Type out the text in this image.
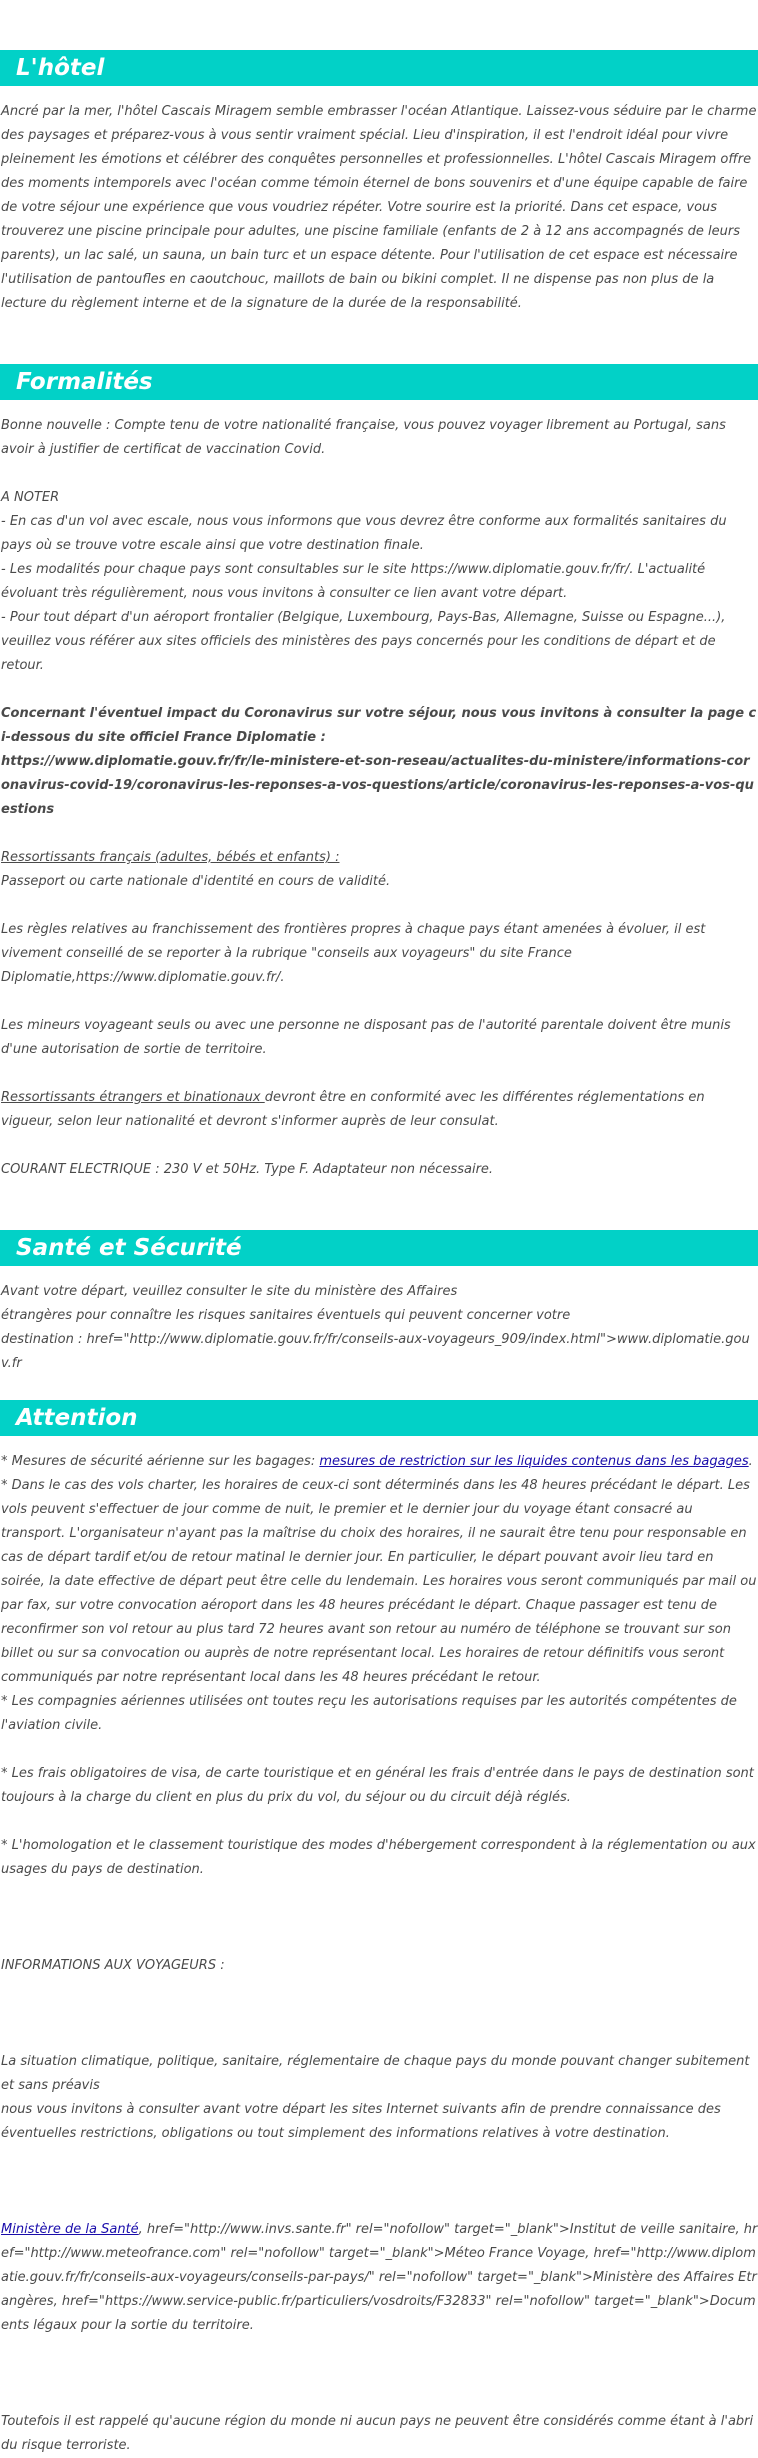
L'hôtel

Ancré par la mer, l'hôtel Cascais Miragem semble embrasser l'océan Atlantique. Laissez-vous séduire par le charme des paysages et préparez-vous à vous sentir vraiment spécial. Lieu d'inspiration, il est l'endroit idéal pour vivre pleinement les émotions et célébrer des conquêtes personnelles et professionnelles. L'hôtel Cascais Miragem offre des moments intemporels avec l'océan comme témoin éternel de bons souvenirs et d'une équipe capable de faire de votre séjour une expérience que vous voudriez répéter. Votre sourire est la priorité. Dans cet espace, vous trouverez une piscine principale pour adultes, une piscine familiale (enfants de 2 à 12 ans accompagnés de leurs parents), un lac salé, un sauna, un bain turc et un espace détente. Pour l'utilisation de cet espace est nécessaire l'utilisation de pantoufles en caoutchouc, maillots de bain ou bikini complet. Il ne dispense pas non plus de la lecture du règlement interne et de la signature de la durée de la responsabilité.

Formalités

Bonne nouvelle : Compte tenu de votre nationalité française, vous pouvez voyager librement au Portugal, sans avoir à justifier de certificat de vaccination Covid.

A NOTER
- En cas d'un vol avec escale, nous vous informons que vous devrez être conforme aux formalités sanitaires du pays où se trouve votre escale ainsi que votre destination finale.
- Les modalités pour chaque pays sont consultables sur le site https://www.diplomatie.gouv.fr/fr/. L'actualité évoluant très régulièrement, nous vous invitons à consulter ce lien avant votre départ.
- Pour tout départ d'un aéroport frontalier (Belgique, Luxembourg, Pays-Bas, Allemagne, Suisse ou Espagne...), veuillez vous référer aux sites officiels des ministères des pays concernés pour les conditions de départ et de retour.

Concernant l'éventuel impact du Coronavirus sur votre séjour, nous vous invitons à consulter la page ci-dessous du site officiel France Diplomatie :
https://www.diplomatie.gouv.fr/fr/le-ministere-et-son-reseau/actualites-du-ministere/informations-coronavirus-covid-19/coronavirus-les-reponses-a-vos-questions/article/coronavirus-les-reponses-a-vos-questions

Ressortissants français (adultes, bébés et enfants) :

Passeport ou carte nationale d'identité en cours de validité.

Les règles relatives au franchissement des frontières propres à chaque pays étant amenées à évoluer, il est vivement conseillé de se reporter à la rubrique "conseils aux voyageurs" du site France Diplomatie,https://www.diplomatie.gouv.fr/.

Les mineurs voyageant seuls ou avec une personne ne disposant pas de l'autorité parentale doivent être munis d'une autorisation de sortie de territoire.

Ressortissants étrangers et binationaux devront être en conformité avec les différentes réglementations en vigueur, selon leur nationalité et devront s'informer auprès de leur consulat.

COURANT ELECTRIQUE : 230 V et 50Hz. Type F. Adaptateur non nécessaire.

Santé et Sécurité

Avant votre départ, veuillez consulter le site du ministère des Affaires
étrangères pour connaître les risques sanitaires éventuels qui peuvent concerner votre
destination : href="http://www.diplomatie.gouv.fr/fr/conseils-aux-voyageurs_909/index.html">www.diplomatie.gouv.fr

Attention

* Mesures de sécurité aérienne sur les bagages: mesures de restriction sur les liquides contenus dans les bagages.

* Dans le cas des vols charter, les horaires de ceux-ci sont déterminés dans les 48 heures précédant le départ. Les vols peuvent s'effectuer de jour comme de nuit, le premier et le dernier jour du voyage étant consacré au transport. L'organisateur n'ayant pas la maîtrise du choix des horaires, il ne saurait être tenu pour responsable en cas de départ tardif et/ou de retour matinal le dernier jour. En particulier, le départ pouvant avoir lieu tard en soirée, la date effective de départ peut être celle du lendemain. Les horaires vous seront communiqués par mail ou par fax, sur votre convocation aéroport dans les 48 heures précédant le départ. Chaque passager est tenu de reconfirmer son vol retour au plus tard 72 heures avant son retour au numéro de téléphone se trouvant sur son billet ou sur sa convocation ou auprès de notre représentant local. Les horaires de retour définitifs vous seront communiqués par notre représentant local dans les 48 heures précédant le retour.

* Les compagnies aériennes utilisées ont toutes reçu les autorisations requises par les autorités compétentes de l'aviation civile.

* Les frais obligatoires de visa, de carte touristique et en général les frais d'entrée dans le pays de destination sont toujours à la charge du client en plus du prix du vol, du séjour ou du circuit déjà réglés.

* L'homologation et le classement touristique des modes d'hébergement correspondent à la réglementation ou aux usages du pays de destination.

INFORMATIONS AUX VOYAGEURS :

La situation climatique, politique, sanitaire, réglementaire de chaque pays du monde pouvant changer subitement et sans préavis
nous vous invitons à consulter avant votre départ les sites Internet suivants afin de prendre connaissance des éventuelles restrictions, obligations ou tout simplement des informations relatives à votre destination.

Ministère de la Santé, href="http://www.invs.sante.fr" rel="nofollow" target="_blank">Institut de veille sanitaire, href="http://www.meteofrance.com" rel="nofollow" target="_blank">Méteo France Voyage, href="http://www.diplomatie.gouv.fr/fr/conseils-aux-voyageurs/conseils-par-pays/" rel="nofollow" target="_blank">Ministère des Affaires Etrangères, href="https://www.service-public.fr/particuliers/vosdroits/F32833" rel="nofollow" target="_blank">Documents légaux pour la sortie du territoire.

Toutefois il est rappelé qu'aucune région du monde ni aucun pays ne peuvent être considérés comme étant à l'abri du risque terroriste.
